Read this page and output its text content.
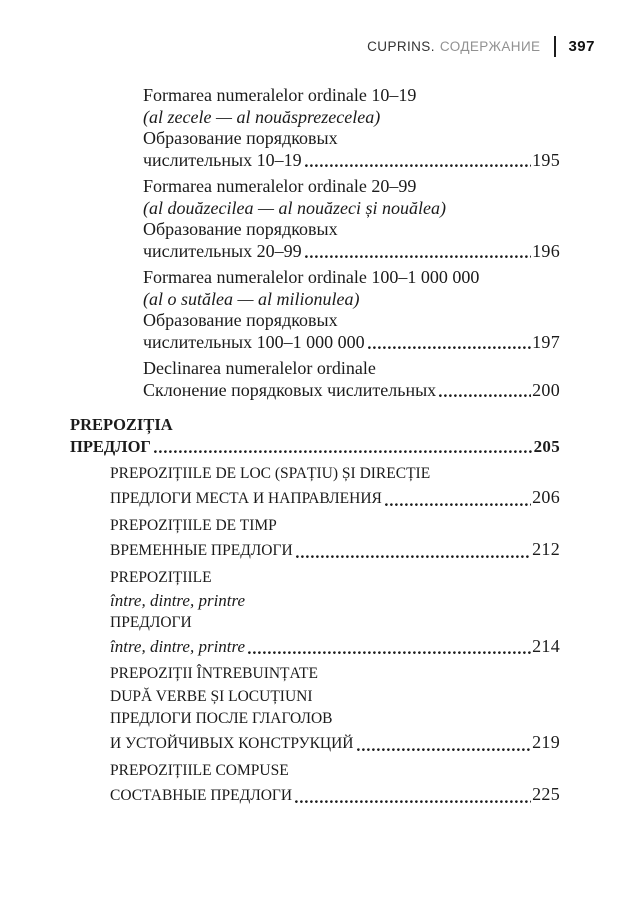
CUPRINS. СОДЕРЖАНИЕ 397
Formarea numeralelor ordinale 10–19
(al zecele — al nouăsprezecelea)
Образование порядковых
числительных 10–19	195
Formarea numeralelor ordinale 20–99
(al douăzecilea — al nouăzeci și nouălea)
Образование порядковых
числительных 20–99	196
Formarea numeralelor ordinale 100–1 000 000
(al o sutălea — al milionulea)
Образование порядковых
числительных 100–1 000 000	197
Declinarea numeralelor ordinale
Склонение порядковых числительных	200
PREPOZIȚIA
ПРЕДЛОГ	205
PREPOZIȚIILE DE LOC (SPAȚIU) ȘI DIRECȚIE
ПРЕДЛОГИ МЕСТА И НАПРАВЛЕНИЯ	206
PREPOZIȚIILE DE TIMP
ВРЕМЕННЫЕ ПРЕДЛОГИ	212
PREPOZIȚIILE
între, dintre, printre
ПРЕДЛОГИ
între, dintre, printre	214
PREPOZIȚII ÎNTREBUINȚATE
DUPĂ VERBE ȘI LOCUȚIUNI
ПРЕДЛОГИ ПОСЛЕ ГЛАГОЛОВ
И УСТОЙЧИВЫХ КОНСТРУКЦИЙ	219
PREPOZIȚIILE COMPUSE
СОСТАВНЫЕ ПРЕДЛОГИ	225
